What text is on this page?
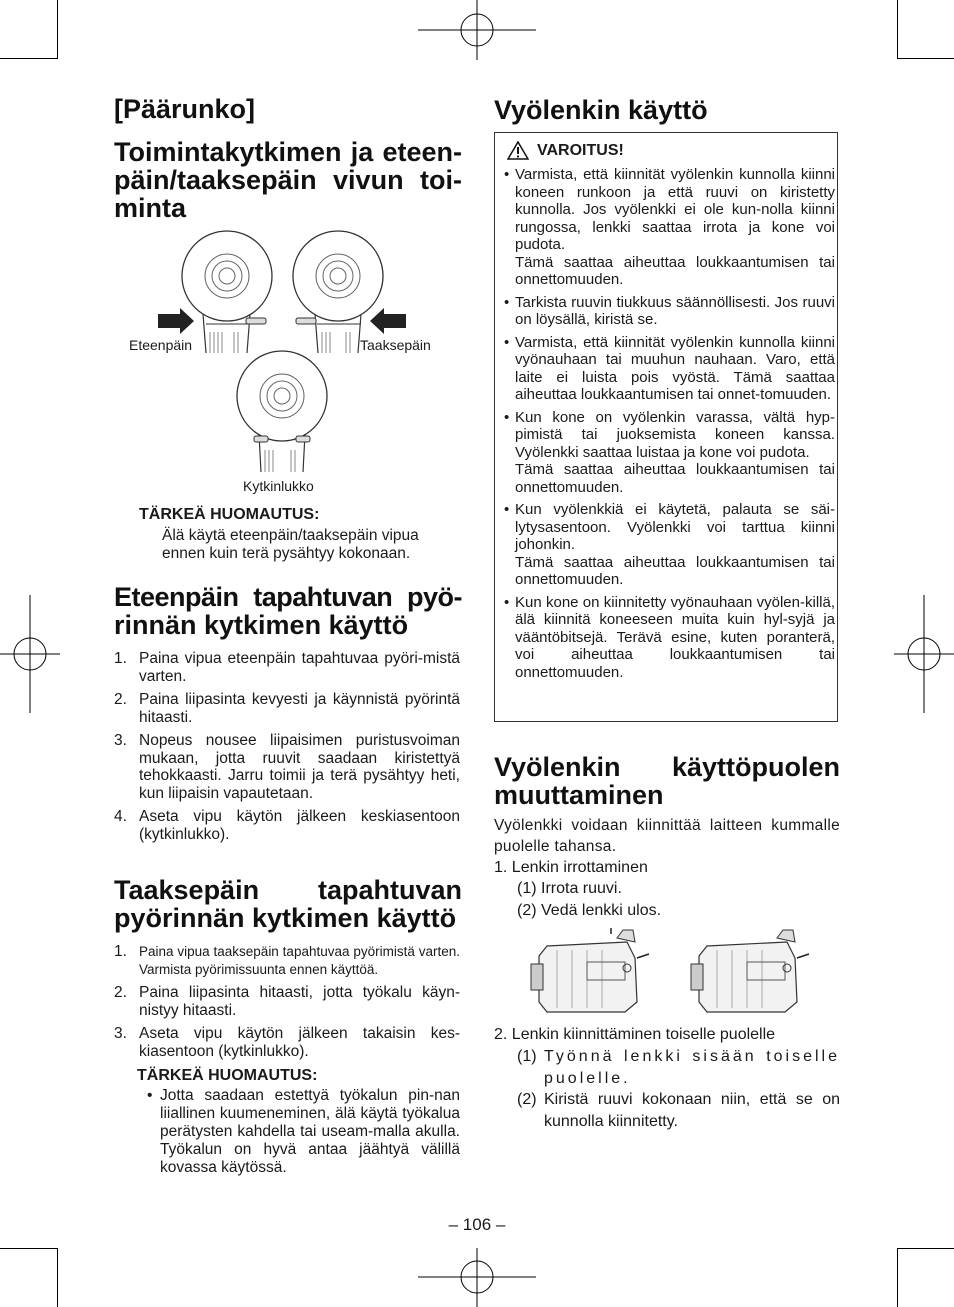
[Päärunko]
Toimintakytkimen ja eteen-
päin/taaksepäin vivun toi-
minta
Eteenpäin	Taaksepäin
Kytkinlukko
TÄRKEÄ HUOMAUTUS:
Älä käytä eteenpäin/taaksepäin vipua ennen kuin terä pysähtyy kokonaan.
Eteenpäin tapahtuvan pyö-
rinnän kytkimen käyttö
1. Paina vipua eteenpäin tapahtuvaa pyöri-mistä varten.
2. Paina liipasinta kevyesti ja käynnistä pyörintä hitaasti.
3. Nopeus nousee liipaisimen puristusvoiman mukaan, jotta ruuvit saadaan kiristettyä tehokkaasti. Jarru toimii ja terä pysähtyy heti, kun liipaisin vapautetaan.
4. Aseta vipu käytön jälkeen keskiasentoon (kytkinlukko).
Taaksepäin tapahtuvan
pyörinnän kytkimen käyttö
1. Paina vipua taaksepäin tapahtuvaa pyörimistä varten. Varmista pyörimissuunta ennen käyttöä.
2. Paina liipasinta hitaasti, jotta työkalu käyn-nistyy hitaasti.
3. Aseta vipu käytön jälkeen takaisin kes-kiasentoon (kytkinlukko).
TÄRKEÄ HUOMAUTUS:
• Jotta saadaan estettyä työkalun pin-nan liiallinen kuumeneminen, älä käytä työkalua perätysten kahdella tai useam-malla akulla. Työkalun on hyvä antaa jäähtyä välillä kovassa käytössä.
Vyölenkin käyttö
VAROITUS!
• Varmista, että kiinnität vyölenkin kunnolla kiinni koneen runkoon ja että ruuvi on kiristetty kunnolla. Jos vyölenkki ei ole kun-nolla kiinni rungossa, lenkki saattaa irrota ja kone voi pudota.
Tämä saattaa aiheuttaa loukkaantumisen tai onnettomuuden.
• Tarkista ruuvin tiukkuus säännöllisesti. Jos ruuvi on löysällä, kiristä se.
• Varmista, että kiinnität vyölenkin kunnolla kiinni vyönauhaan tai muuhun nauhaan. Varo, että laite ei luista pois vyöstä. Tämä saattaa aiheuttaa loukkaantumisen tai onnet-tomuuden.
• Kun kone on vyölenkin varassa, vältä hyp-pimistä tai juoksemista koneen kanssa. Vyölenkki saattaa luistaa ja kone voi pudota.
Tämä saattaa aiheuttaa loukkaantumisen tai onnettomuuden.
• Kun vyölenkkiä ei käytetä, palauta se säi-lytysasentoon. Vyölenkki voi tarttua kiinni johonkin.
Tämä saattaa aiheuttaa loukkaantumisen tai onnettomuuden.
• Kun kone on kiinnitetty vyönauhaan vyölen-killä, älä kiinnitä koneeseen muita kuin hyl-syjä ja vääntöbitsejä. Terävä esine, kuten poranterä, voi aiheuttaa loukkaantumisen tai onnettomuuden.
Vyölenkin käyttöpuolen
muuttaminen
Vyölenkki voidaan kiinnittää laitteen kummalle puolelle tahansa.
1. Lenkin irrottaminen
(1) Irrota ruuvi.
(2) Vedä lenkki ulos.
2. Lenkin kiinnittäminen toiselle puolelle
(1) Työnnä lenkki sisään toiselle puolelle.
(2) Kiristä ruuvi kokonaan niin, että se on kunnolla kiinnitetty.
– 106 –
